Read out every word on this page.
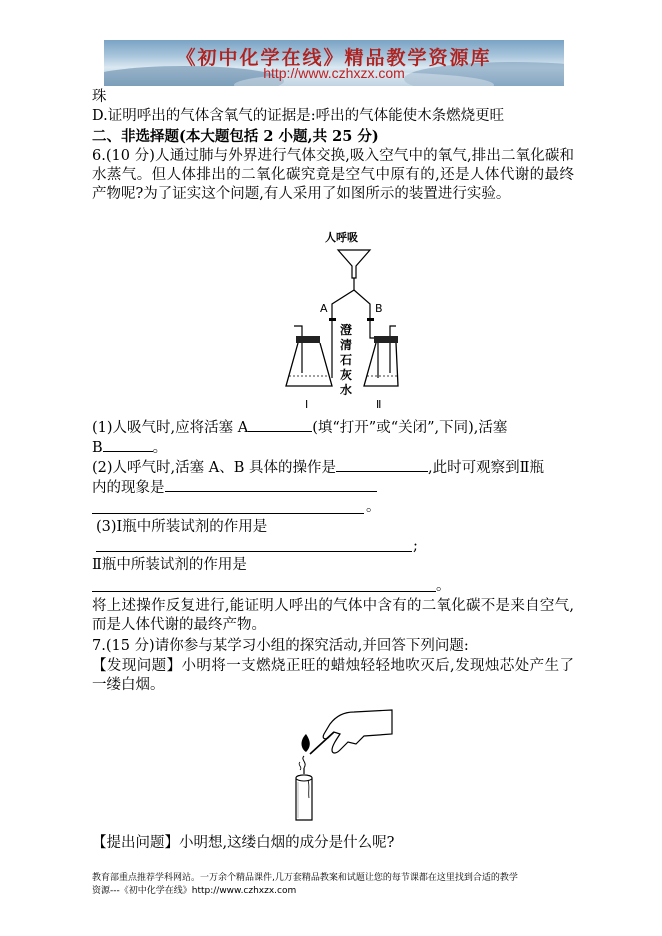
《初中化学在线》精品教学资源库
http://www.czhxzx.com
珠
D.证明呼出的气体含氧气的证据是:呼出的气体能使木条燃烧更旺
二、非选择题(本大题包括 2 小题,共 25 分)
6.(10 分)人通过肺与外界进行气体交换,吸入空气中的氧气,排出二氧化碳和水蒸气。但人体排出的二氧化碳究竟是空气中原有的,还是人体代谢的最终产物呢?为了证实这个问题,有人采用了如图所示的装置进行实验。
人呼吸
A	B
澄
清
石
灰
水
Ⅰ	Ⅱ
(1)人吸气时,应将活塞 A	(填“打开”或“关闭”,下同),活塞
B	。
(2)人呼气时,活塞 A、B 具体的操作是	,此时可观察到Ⅱ瓶
内的现象是
。
(3)Ⅰ瓶中所装试剂的作用是
;
Ⅱ瓶中所装试剂的作用是
。
将上述操作反复进行,能证明人呼出的气体中含有的二氧化碳不是来自空气,而是人体代谢的最终产物。
7.(15 分)请你参与某学习小组的探究活动,并回答下列问题:
【发现问题】小明将一支燃烧正旺的蜡烛轻轻地吹灭后,发现烛芯处产生了一缕白烟。
【提出问题】小明想,这缕白烟的成分是什么呢?
教育部重点推荐学科网站。一万余个精品课件,几万套精品教案和试题让您的每节课都在这里找到合适的教学
资源---《初中化学在线》http://www.czhxzx.com
